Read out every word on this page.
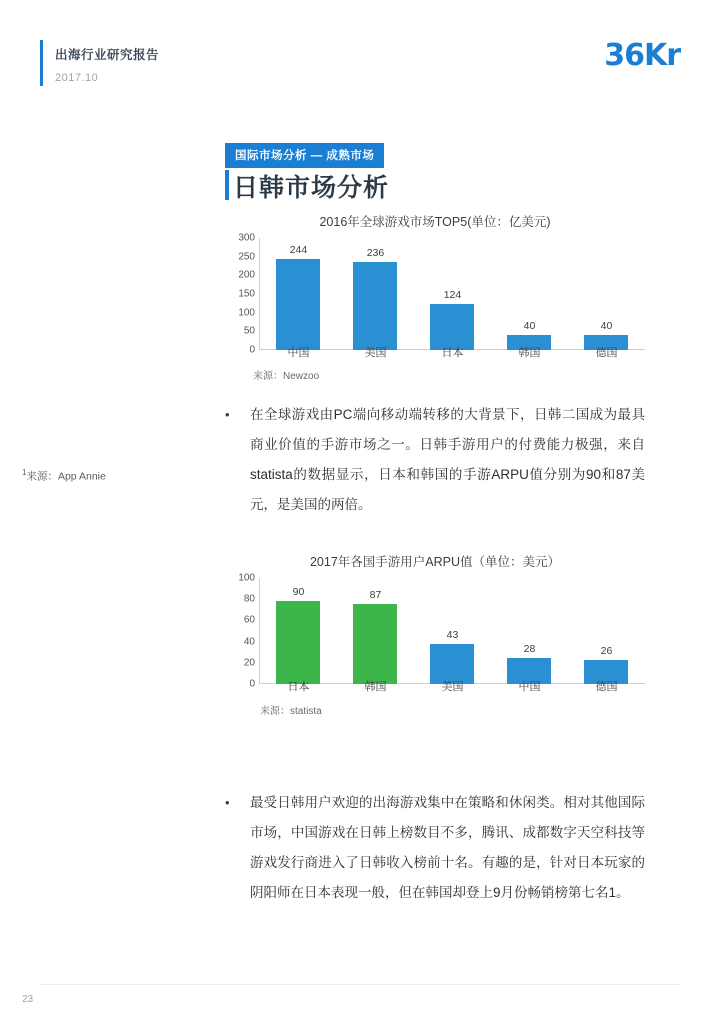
出海行业研究报告
2017.10
36Kr
国际市场分析 — 成熟市场
日韩市场分析
$^1$来源：App Annie
2016年全球游戏市场TOP5(单位：亿美元)
300
250
200
150
100
50
0
244	236
124
40	40
中国	美国	日本	韩国	德国
来源：Newzoo
• 在全球游戏由PC端向移动端转移的大背景下，日韩二国成为最具商业价值的手游市场之一。日韩手游用户的付费能力极强，来自statista的数据显示，日本和韩国的手游ARPU值分别为90和87美元，是美国的两倍。
2017年各国手游用户ARPU值（单位：美元）
100
80
60
40
20
0
90	87
43
28	26
日本	韩国	美国	中国	德国
来源：statista
• 最受日韩用户欢迎的出海游戏集中在策略和休闲类。相对其他国际市场，中国游戏在日韩上榜数目不多，腾讯、成都数字天空科技等游戏发行商进入了日韩收入榜前十名。有趣的是，针对日本玩家的阴阳师在日本表现一般，但在韩国却登上9月份畅销榜第七名1。
23
